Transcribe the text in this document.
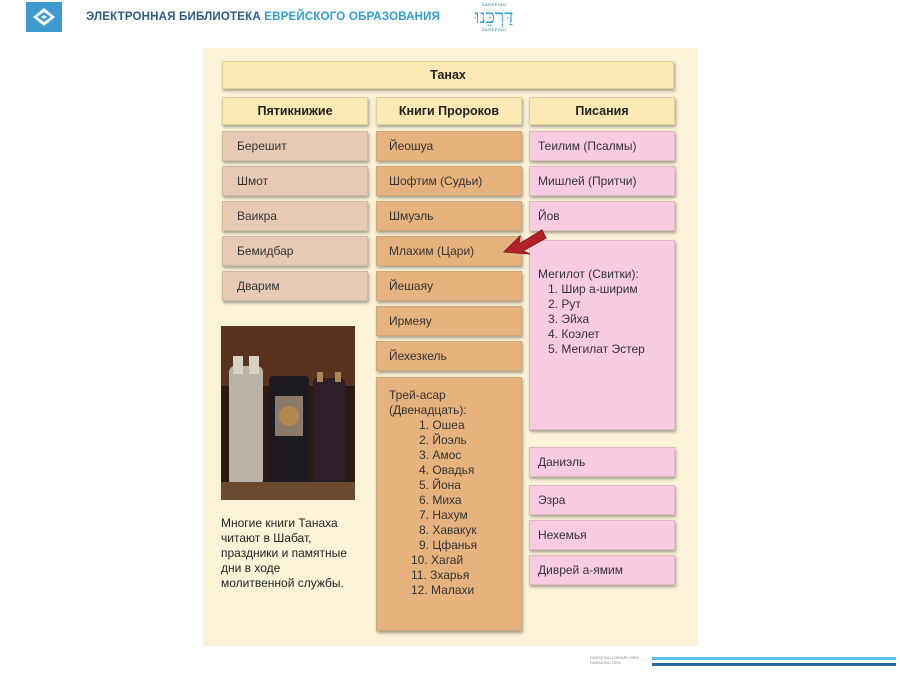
ЭЛЕКТРОННАЯ БИБЛИОТЕКА ЕВРЕЙСКОГО ОБРАЗОВАНИЯ
DARKEINU
דַּרְכֵּנוּ
DARKEINU
Танах
Пятикнижие	Книги Пророков	Писания
Берешит
Шмот
Ваикра
Бемидбар
Дварим
Многие книги Танаха читают в Шабат, праздники и памятные дни в ходе молитвенной службы.
Йеошуа
Шофтим (Судьи)
Шмуэль
Млахим (Цари)
Йешаяу
Ирмеяу
Йехезкель
Трей-асар (Двенадцать):
1. Ошеа
2. Йоэль
3. Амос
4. Овадья
5. Йона
6. Миха
7. Нахум
8. Хавакук
9. Цфанья
10. Хагай
11. Зхарья
12. Малахи
Теилим (Псалмы)
Мишлей (Притчи)
Йов
Мегилот (Свитки):
1. Шир а-ширим
2. Рут
3. Эйха
4. Коэлет
5. Мегилат Эстер
Даниэль
Эзра
Нехемья
Диврей а-ямим
DARKEINU-LIBRARY.ORG
DARKEINU.ORG
